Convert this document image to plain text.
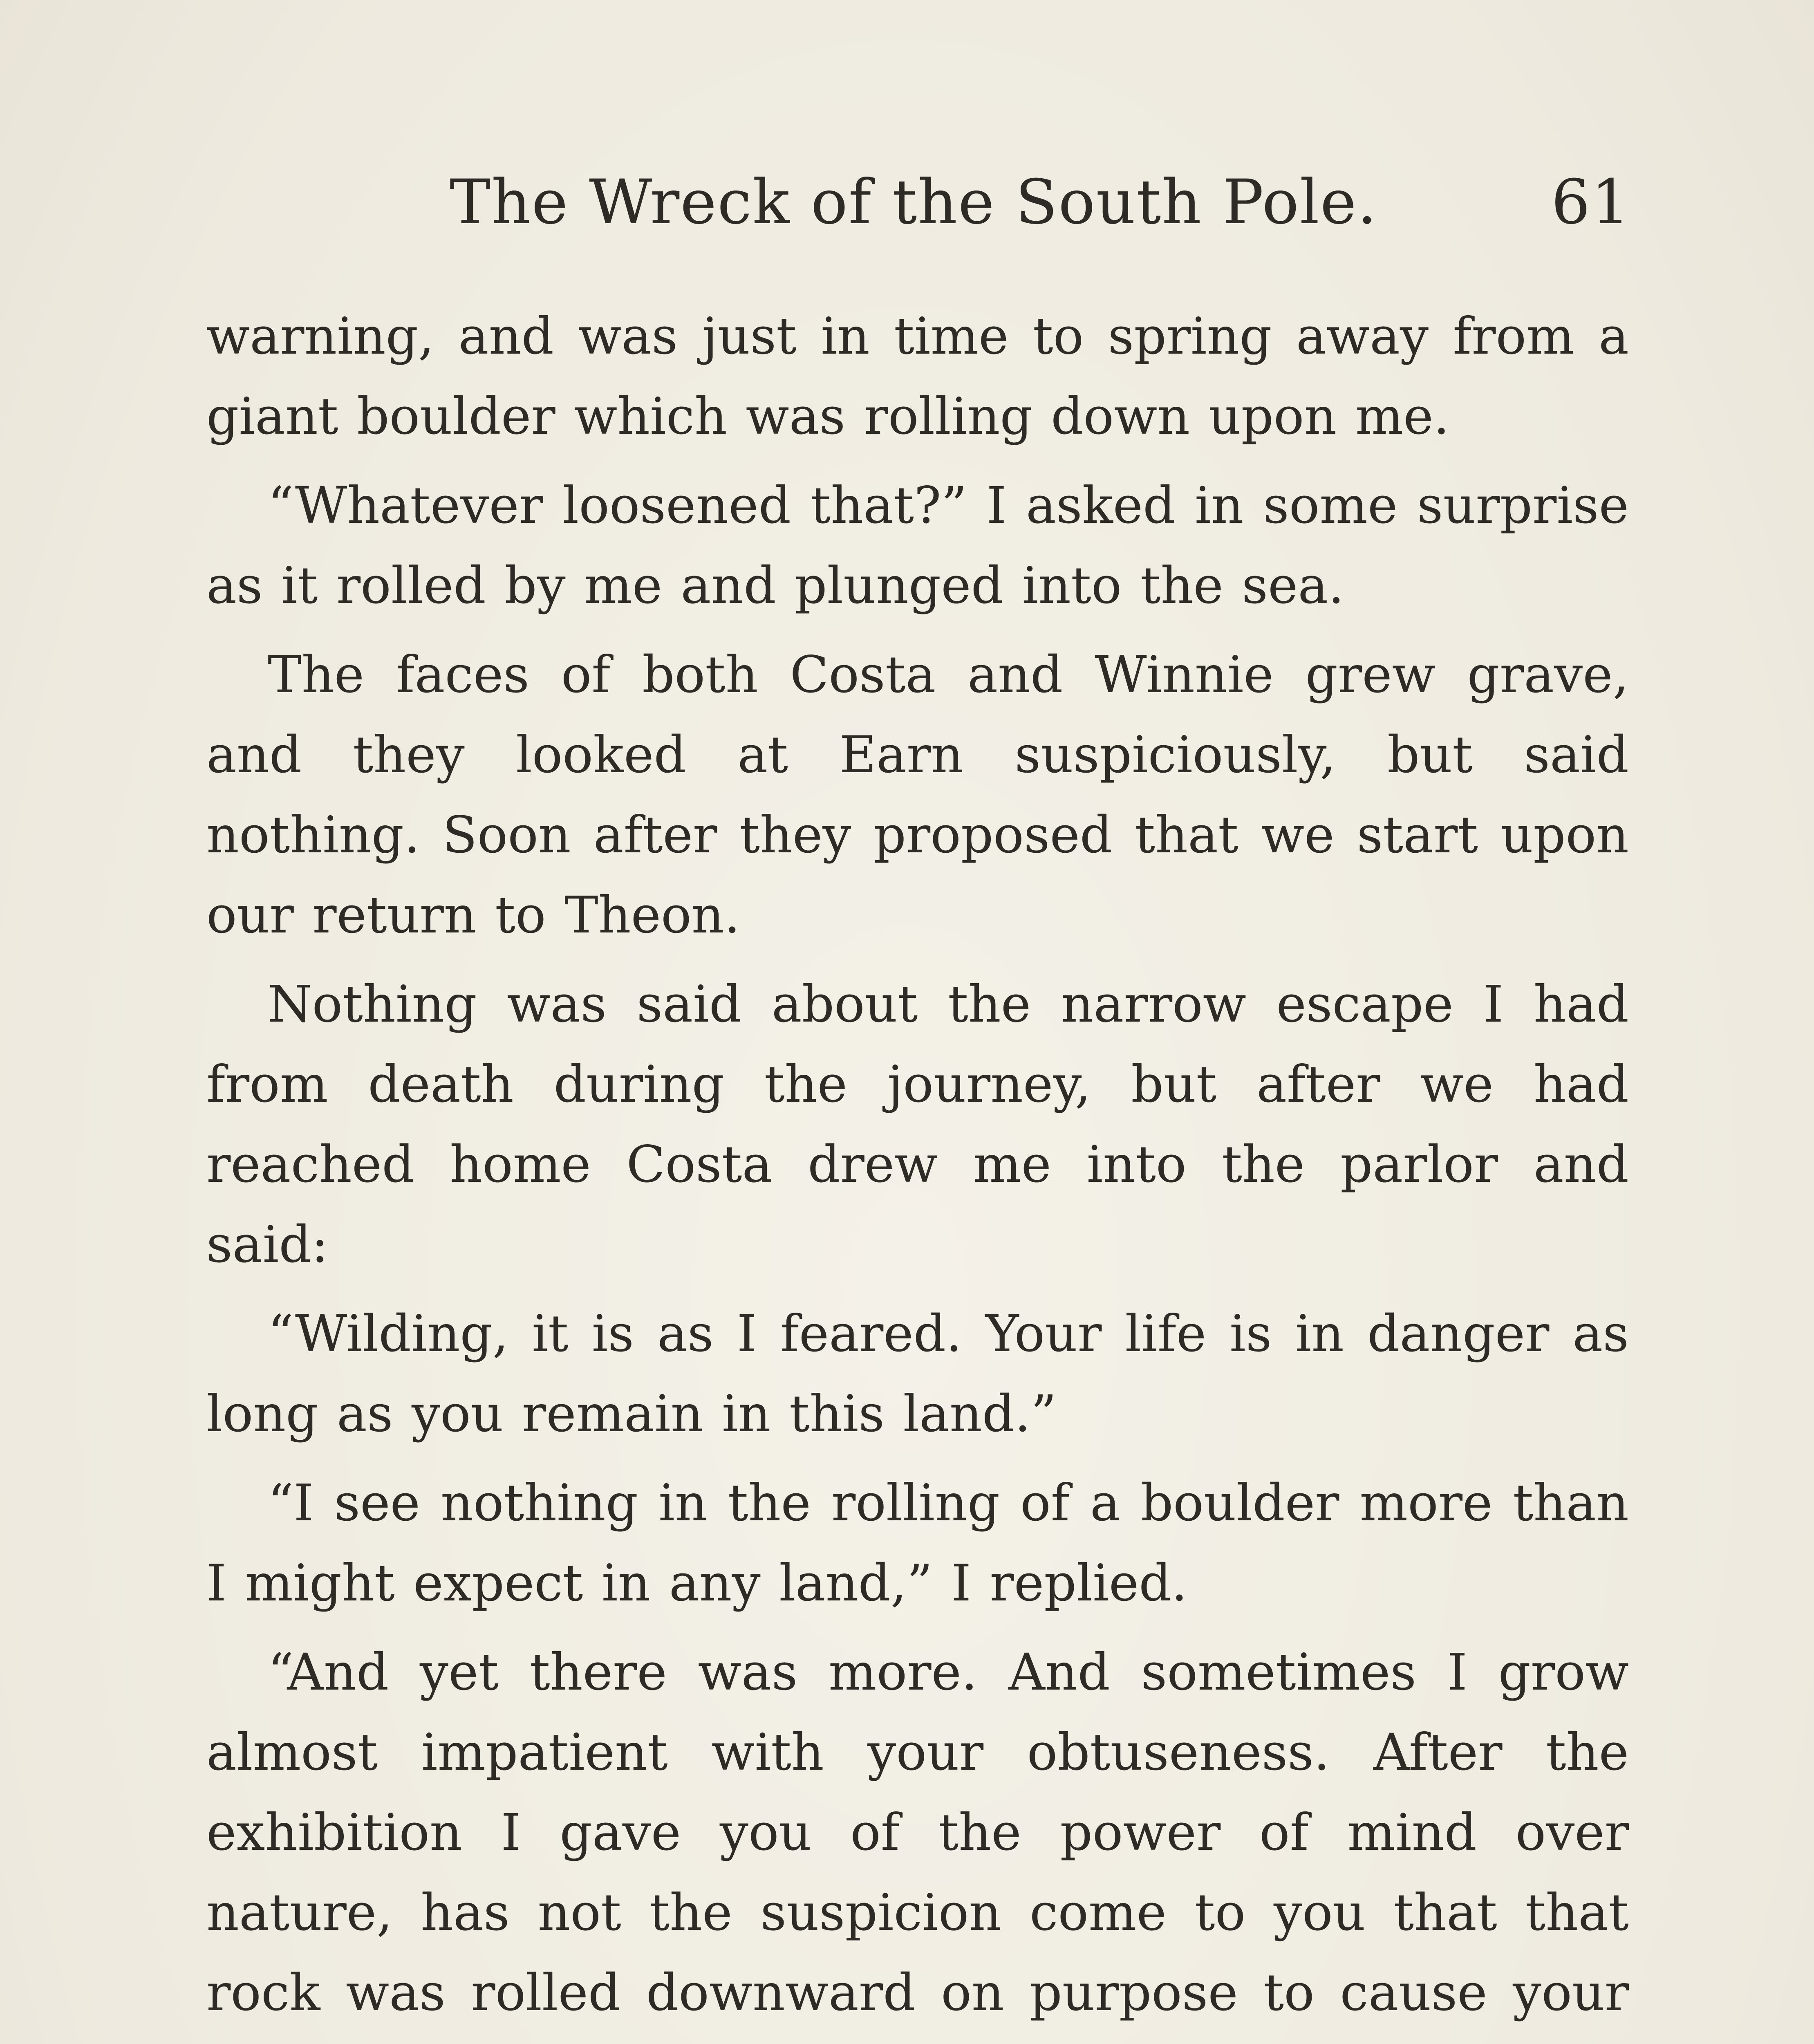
The Wreck of the South Pole.	61

warning, and was just in time to spring away from a giant boulder which was rolling down upon me.

“Whatever loosened that?” I asked in some surprise as it rolled by me and plunged into the sea.

The faces of both Costa and Winnie grew grave, and they looked at Earn suspiciously, but said nothing. Soon after they proposed that we start upon our return to Theon.

Nothing was said about the narrow escape I had from death during the journey, but after we had reached home Costa drew me into the parlor and said:

“Wilding, it is as I feared. Your life is in danger as long as you remain in this land.”

“I see nothing in the rolling of a boulder more than I might expect in any land,” I replied.

“And yet there was more. And sometimes I grow almost impatient with your obtuseness. After the exhibition I gave you of the power of mind over nature, has not the suspicion come to you that that rock was rolled downward on purpose to cause your
